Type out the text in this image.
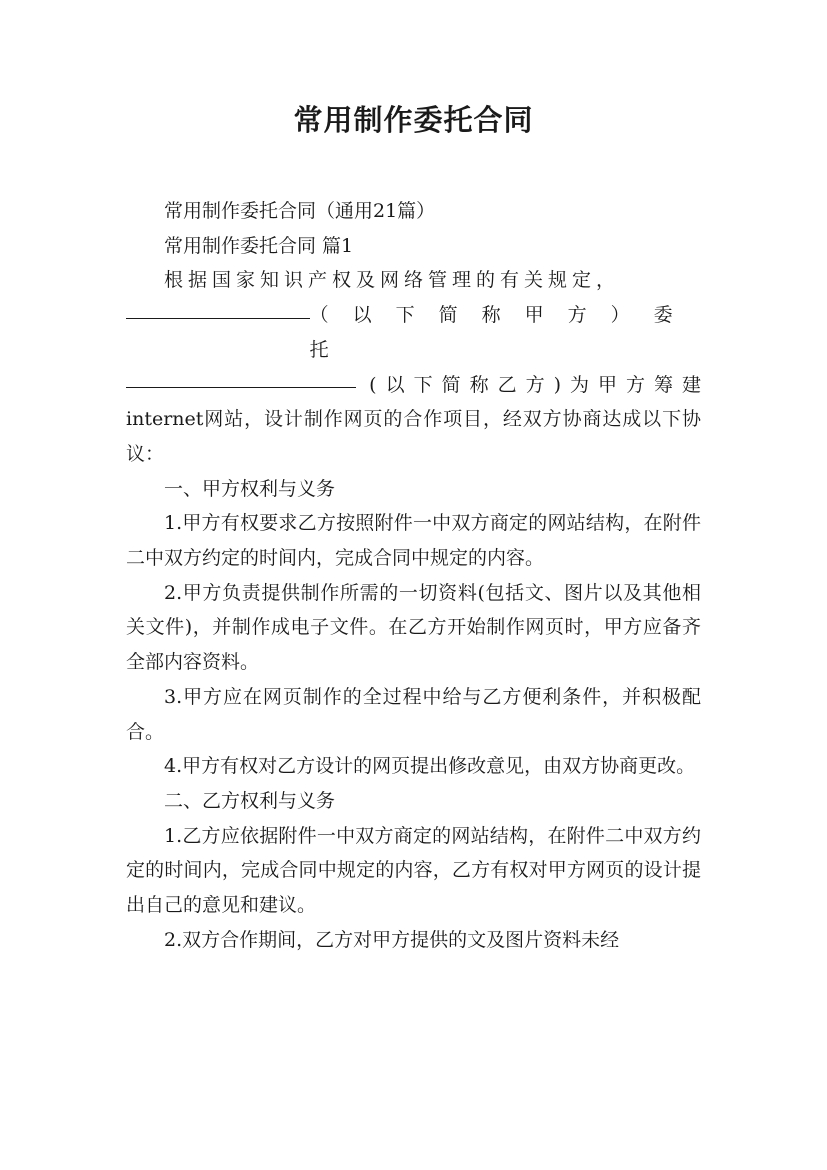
常用制作委托合同

常用制作委托合同（通用21篇）

常用制作委托合同 篇1

根据国家知识产权及网络管理的有关规定，

（以下简称甲方）委托
(以下简称乙方)为甲方筹建

internet网站，设计制作网页的合作项目，经双方协商达成以下协议：

一、甲方权利与义务

1.甲方有权要求乙方按照附件一中双方商定的网站结构，在附件二中双方约定的时间内，完成合同中规定的内容。

2.甲方负责提供制作所需的一切资料(包括文、图片以及其他相关文件)，并制作成电子文件。在乙方开始制作网页时，甲方应备齐全部内容资料。

3.甲方应在网页制作的全过程中给与乙方便利条件，并积极配合。

4.甲方有权对乙方设计的网页提出修改意见，由双方协商更改。

二、乙方权利与义务

1.乙方应依据附件一中双方商定的网站结构，在附件二中双方约定的时间内，完成合同中规定的内容，乙方有权对甲方网页的设计提出自己的意见和建议。

2.双方合作期间，乙方对甲方提供的文及图片资料未经
